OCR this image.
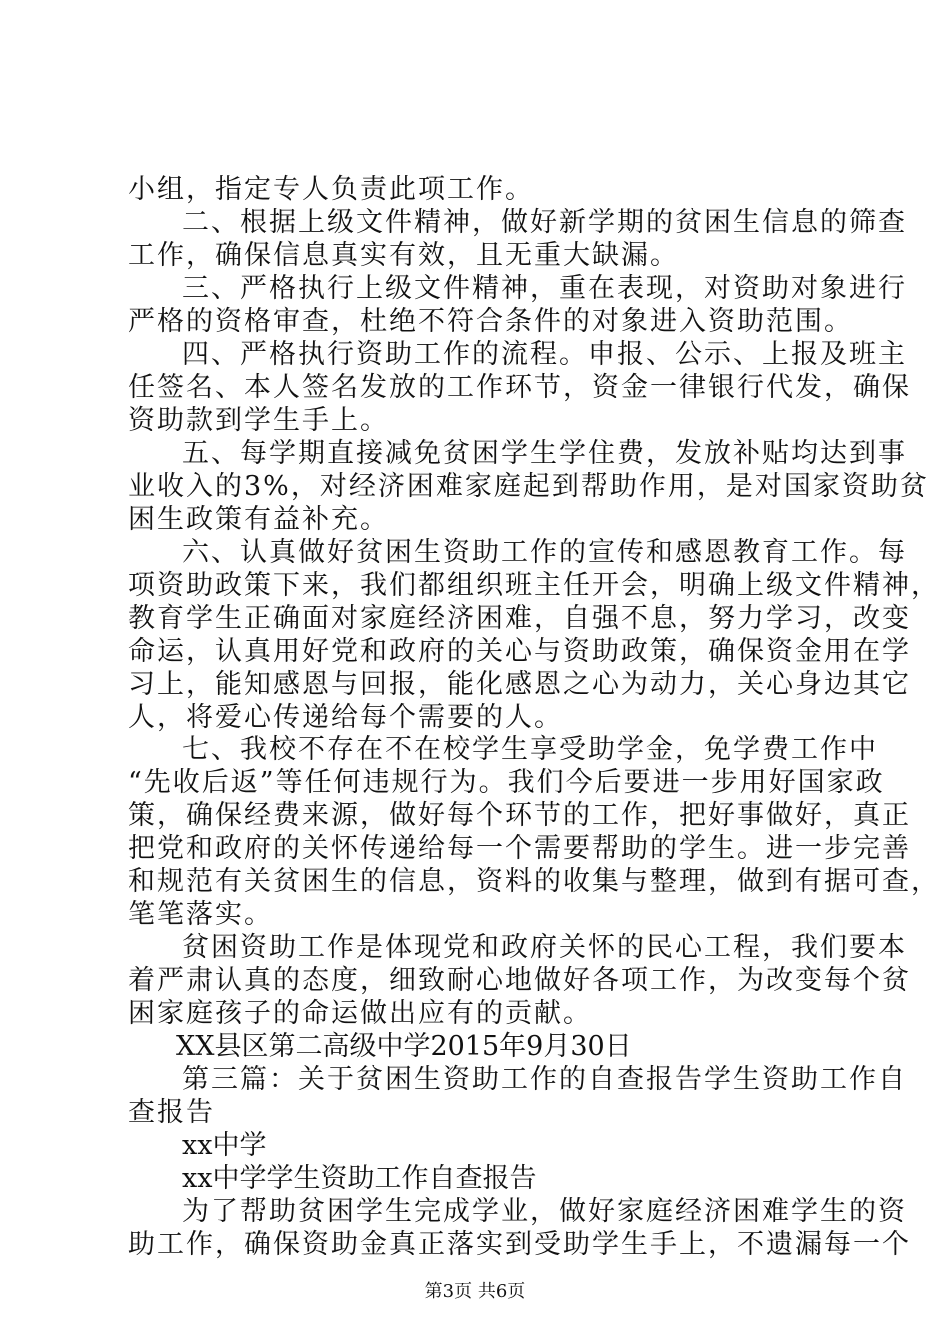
小组，指定专人负责此项工作。
二、根据上级文件精神，做好新学期的贫困生信息的筛查
工作，确保信息真实有效，且无重大缺漏。
三、严格执行上级文件精神，重在表现，对资助对象进行
严格的资格审查，杜绝不符合条件的对象进入资助范围。
四、严格执行资助工作的流程。申报、公示、上报及班主
任签名、本人签名发放的工作环节，资金一律银行代发，确保
资助款到学生手上。
五、每学期直接减免贫困学生学住费，发放补贴均达到事
业收入的3%，对经济困难家庭起到帮助作用，是对国家资助贫
困生政策有益补充。
六、认真做好贫困生资助工作的宣传和感恩教育工作。每
项资助政策下来，我们都组织班主任开会，明确上级文件精神，
教育学生正确面对家庭经济困难，自强不息，努力学习，改变
命运，认真用好党和政府的关心与资助政策，确保资金用在学
习上，能知感恩与回报，能化感恩之心为动力，关心身边其它
人，将爱心传递给每个需要的人。
七、我校不存在不在校学生享受助学金，免学费工作中
“先收后返”等任何违规行为。我们今后要进一步用好国家政
策，确保经费来源，做好每个环节的工作，把好事做好，真正
把党和政府的关怀传递给每一个需要帮助的学生。进一步完善
和规范有关贫困生的信息，资料的收集与整理，做到有据可查，
笔笔落实。
贫困资助工作是体现党和政府关怀的民心工程，我们要本
着严肃认真的态度，细致耐心地做好各项工作，为改变每个贫
困家庭孩子的命运做出应有的贡献。
XX县区第二高级中学2015年9月30日
第三篇：关于贫困生资助工作的自查报告学生资助工作自
查报告
xx中学
xx中学学生资助工作自查报告
为了帮助贫困学生完成学业，做好家庭经济困难学生的资
助工作，确保资助金真正落实到受助学生手上，不遗漏每一个
第3页 共6页
